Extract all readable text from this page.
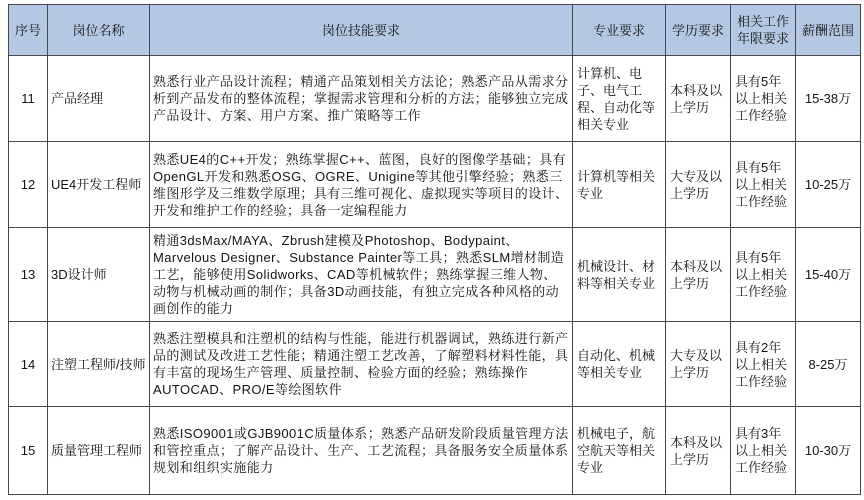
序号	岗位名称	岗位技能要求	专业要求	学历要求	相关工作年限要求	薪酬范围
11	产品经理	熟悉行业产品设计流程；精通产品策划相关方法论；熟悉产品从需求分析到产品发布的整体流程；掌握需求管理和分析的方法；能够独立完成产品设计、方案、用户方案、推广策略等工作	计算机、电子、电气工程、自动化等相关专业	本科及以上学历	具有5年以上相关工作经验	15-38万
12	UE4开发工程师	熟悉UE4的C++开发；熟练掌握C++、蓝图，良好的图像学基础；具有OpenGL开发和熟悉OSG、OGRE、Unigine等其他引擎经验；熟悉三维图形学及三维数学原理；具有三维可视化、虚拟现实等项目的设计、开发和维护工作的经验；具备一定编程能力	计算机等相关专业	大专及以上学历	具有5年以上相关工作经验	10-25万
13	3D设计师	精通3dsMax/MAYA、Zbrush建模及Photoshop、Bodypaint、Marvelous Designer、Substance Painter等工具；熟悉SLM增材制造工艺，能够使用Solidworks、CAD等机械软件；熟练掌握三维人物、动物与机械动画的制作；具备3D动画技能，有独立完成各种风格的动画创作的能力	机械设计、材料等相关专业	本科及以上学历	具有5年以上相关工作经验	15-40万
14	注塑工程师/技师	熟悉注塑模具和注塑机的结构与性能，能进行机器调试，熟练进行新产品的测试及改进工艺性能；精通注塑工艺改善，了解塑料材料性能，具有丰富的现场生产管理、质量控制、检验方面的经验；熟练操作AUTOCAD、PRO/E等绘图软件	自动化、机械等相关专业	大专及以上学历	具有2年以上相关工作经验	8-25万
15	质量管理工程师	熟悉ISO9001或GJB9001C质量体系；熟悉产品研发阶段质量管理方法和管控重点；了解产品设计、生产、工艺流程；具备服务安全质量体系规划和组织实施能力	机械电子，航空航天等相关专业	本科及以上学历	具有3年以上相关工作经验	10-30万
